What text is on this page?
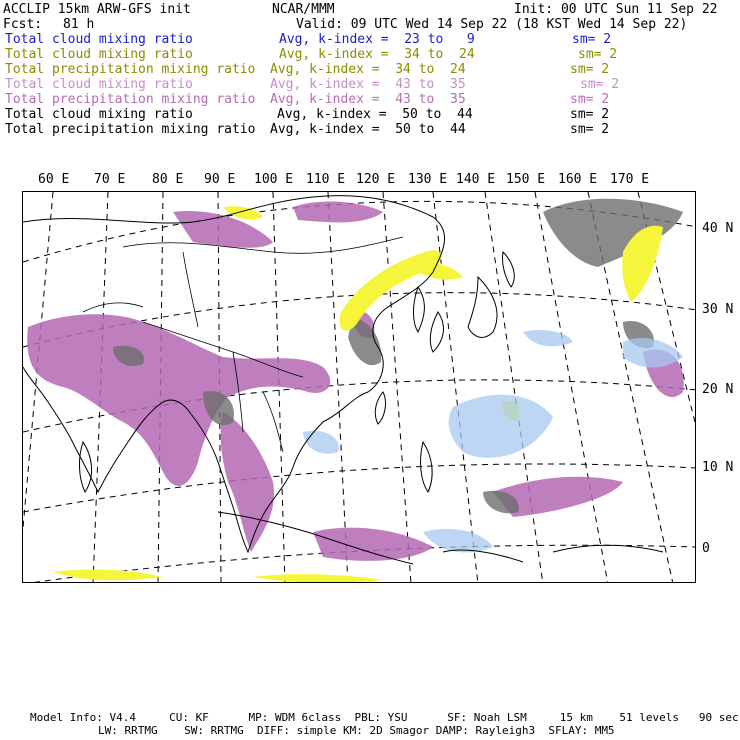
ACCLIP 15km ARW-GFS init	NCAR/MMM	Init: 00 UTC Sun 11 Sep 22
Fcst: 81 h	Valid: 09 UTC Wed 14 Sep 22 (18 KST Wed 14 Sep 22)
Total cloud mixing ratio	Avg, k-index =  23 to   9	sm= 2
Total cloud mixing ratio	Avg, k-index =  34 to  24	sm= 2
Total precipitation mixing ratio Avg, k-index =  34 to  24	sm= 2
Total cloud mixing ratio	Avg, k-index =  43 to  35	sm= 2
Total precipitation mixing ratio Avg, k-index =  43 to  35	sm= 2
Total cloud mixing ratio	Avg, k-index =  50 to  44	sm= 2
Total precipitation mixing ratio Avg, k-index =  50 to  44	sm= 2
60 E 70 E 80 E 90 E 100 E 110 E 120 E 130 E 140 E 150 E 160 E 170 E
40 N
30 N
20 N
10 N
0
Model Info: V4.4     CU: KF      MP: WDM 6class  PBL: YSU      SF: Noah LSM     15 km    51 levels   90 sec
LW: RRTMG    SW: RRTMG  DIFF: simple KM: 2D Smagor DAMP: Rayleigh3  SFLAY: MM5
